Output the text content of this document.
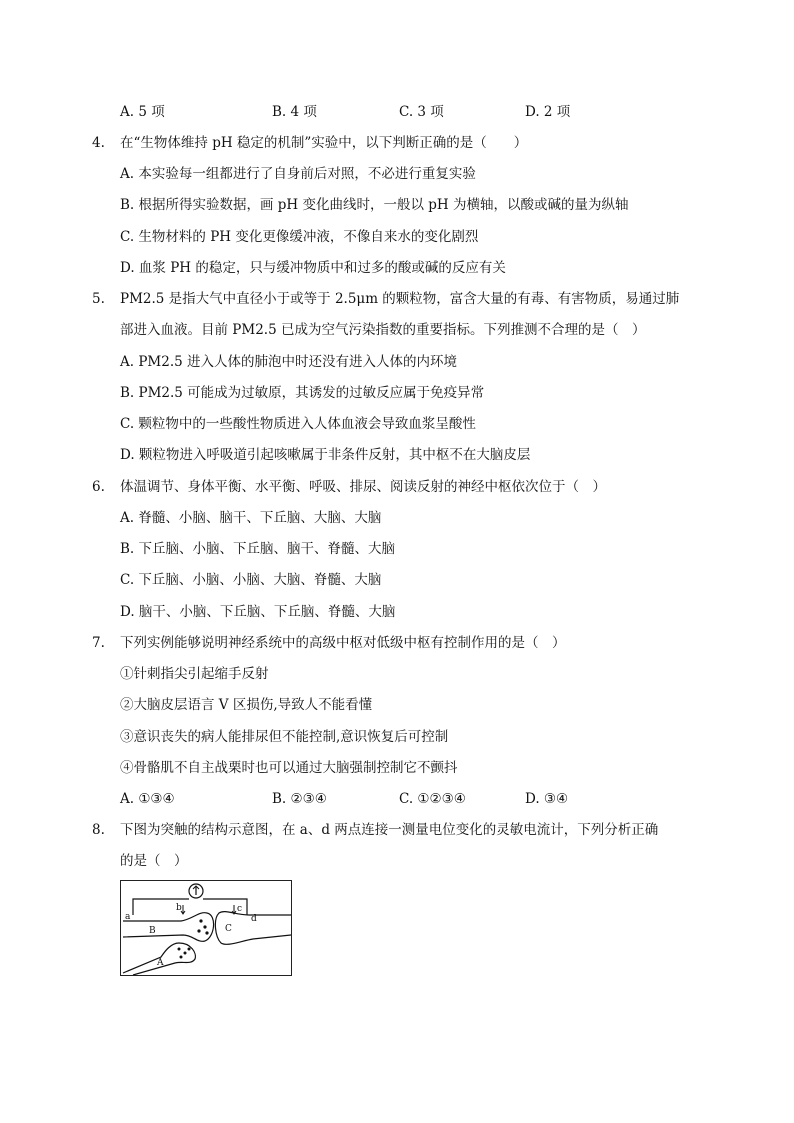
A. 5 项	B. 4 项	C. 3 项	D. 2 项
4. 在“生物体维持 pH 稳定的机制”实验中，以下判断正确的是（　　）
A. 本实验每一组都进行了自身前后对照，不必进行重复实验
B. 根据所得实验数据，画 pH 变化曲线时，一般以 pH 为横轴，以酸或碱的量为纵轴
C. 生物材料的 PH 变化更像缓冲液，不像自来水的变化剧烈
D. 血浆 PH 的稳定，只与缓冲物质中和过多的酸或碱的反应有关
5. PM2.5 是指大气中直径小于或等于 2.5μm 的颗粒物，富含大量的有毒、有害物质，易通过肺
部进入血液。目前 PM2.5 已成为空气污染指数的重要指标。下列推测不合理的是（　）
A. PM2.5 进入人体的肺泡中时还没有进入人体的内环境
B. PM2.5 可能成为过敏原，其诱发的过敏反应属于免疫异常
C. 颗粒物中的一些酸性物质进入人体血液会导致血浆呈酸性
D. 颗粒物进入呼吸道引起咳嗽属于非条件反射，其中枢不在大脑皮层
6. 体温调节、身体平衡、水平衡、呼吸、排尿、阅读反射的神经中枢依次位于（　）
A. 脊髓、小脑、脑干、下丘脑、大脑、大脑
B. 下丘脑、小脑、下丘脑、脑干、脊髓、大脑
C. 下丘脑、小脑、小脑、大脑、脊髓、大脑
D. 脑干、小脑、下丘脑、下丘脑、脊髓、大脑
7. 下列实例能够说明神经系统中的高级中枢对低级中枢有控制作用的是（　）
①针刺指尖引起缩手反射
②大脑皮层语言 V 区损伤,导致人不能看懂
③意识丧失的病人能排尿但不能控制,意识恢复后可控制
④骨骼肌不自主战栗时也可以通过大脑强制控制它不颤抖
A. ①③④	B. ②③④	C. ①②③④	D. ③④
8. 下图为突触的结构示意图，在 a、d 两点连接一测量电位变化的灵敏电流计，下列分析正确
的是（　）
a
b	c
d
B	C
A
